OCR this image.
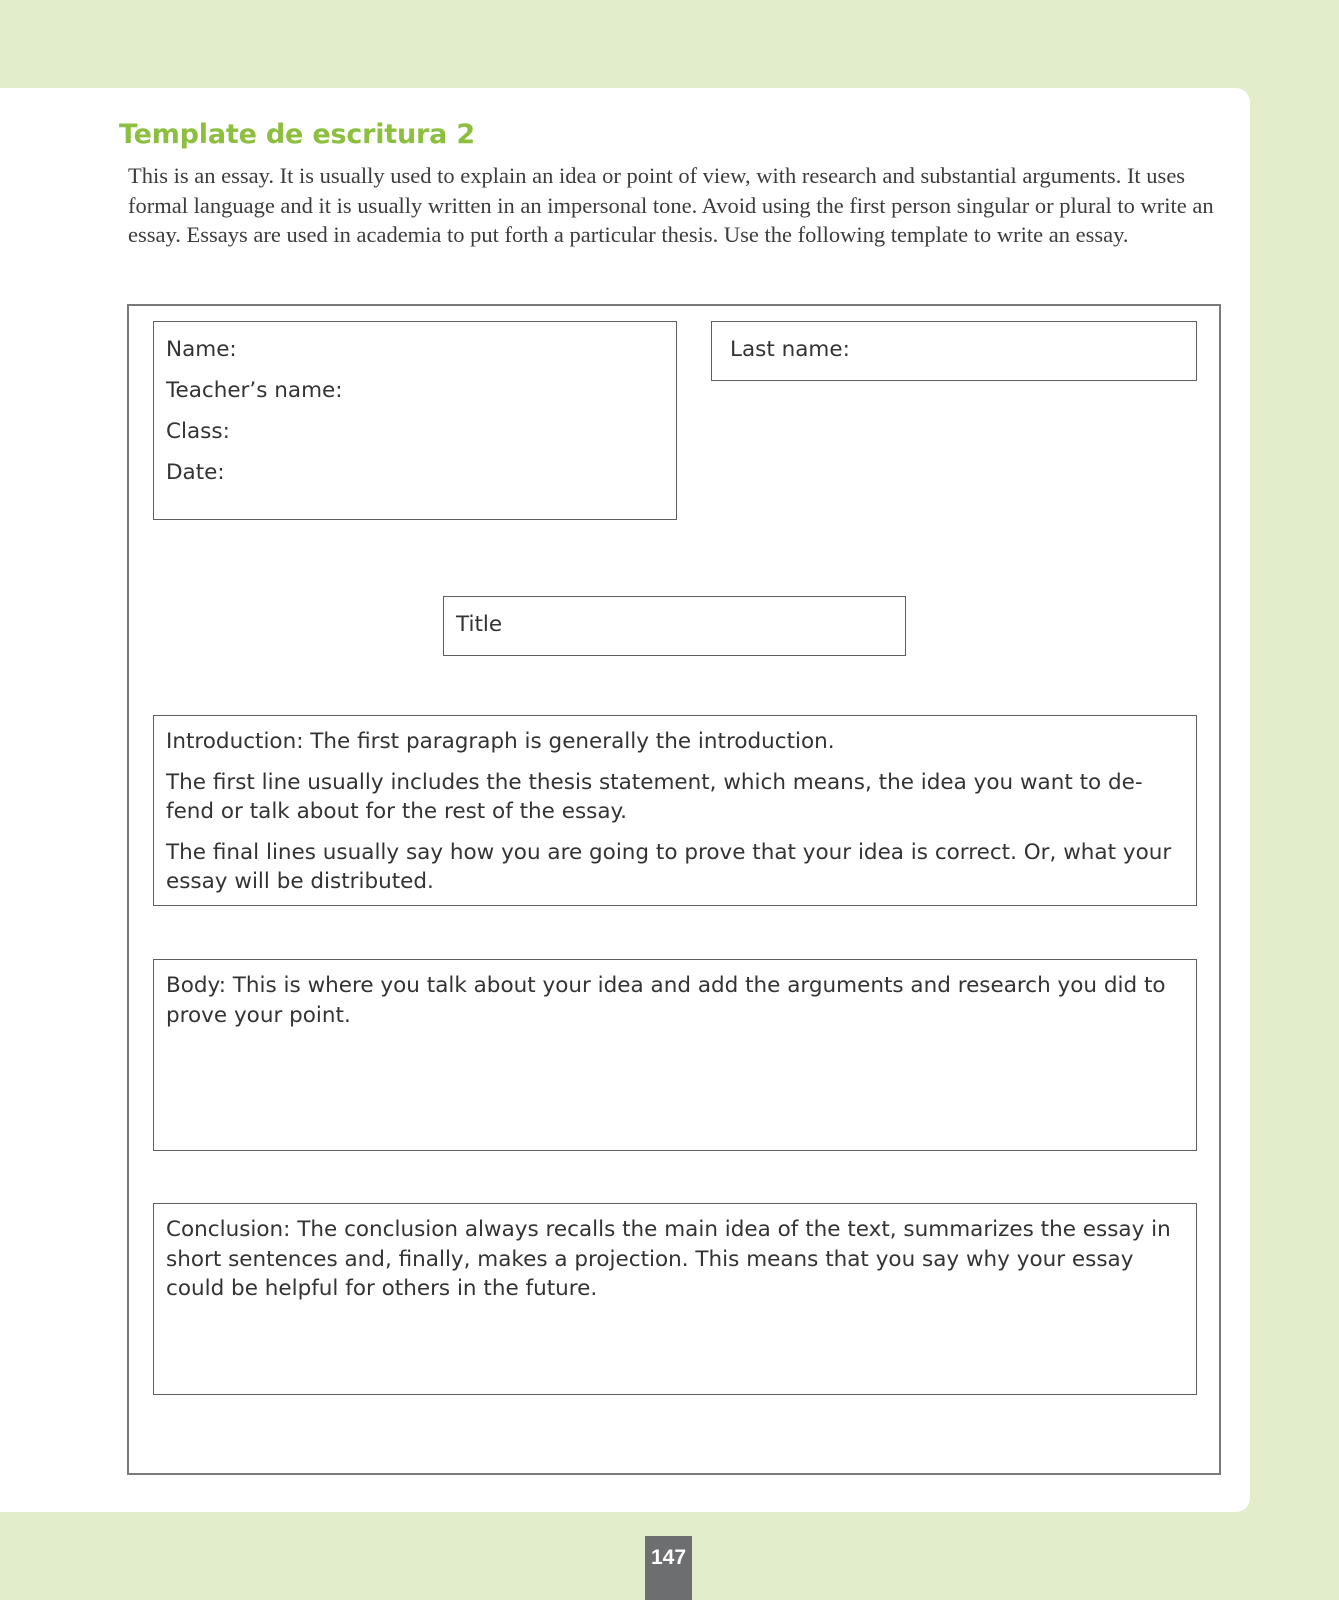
Template de escritura 2

This is an essay. It is usually used to explain an idea or point of view, with research and substantial arguments. It uses formal language and it is usually written in an impersonal tone. Avoid using the first person singular or plural to write an essay. Essays are used in academia to put forth a particular thesis. Use the following template to write an essay.

Name:

Teacher’s name:

Class:

Date:

Last name:
Title

Introduction: The first paragraph is generally the introduction.

The first line usually includes the thesis statement, which means, the idea you want to de-fend or talk about for the rest of the essay.

The final lines usually say how you are going to prove that your idea is correct. Or, what your essay will be distributed.

Body: This is where you talk about your idea and add the arguments and research you did to prove your point.

Conclusion: The conclusion always recalls the main idea of the text, summarizes the essay in short sentences and, finally, makes a projection. This means that you say why your essay could be helpful for others in the future.

147
